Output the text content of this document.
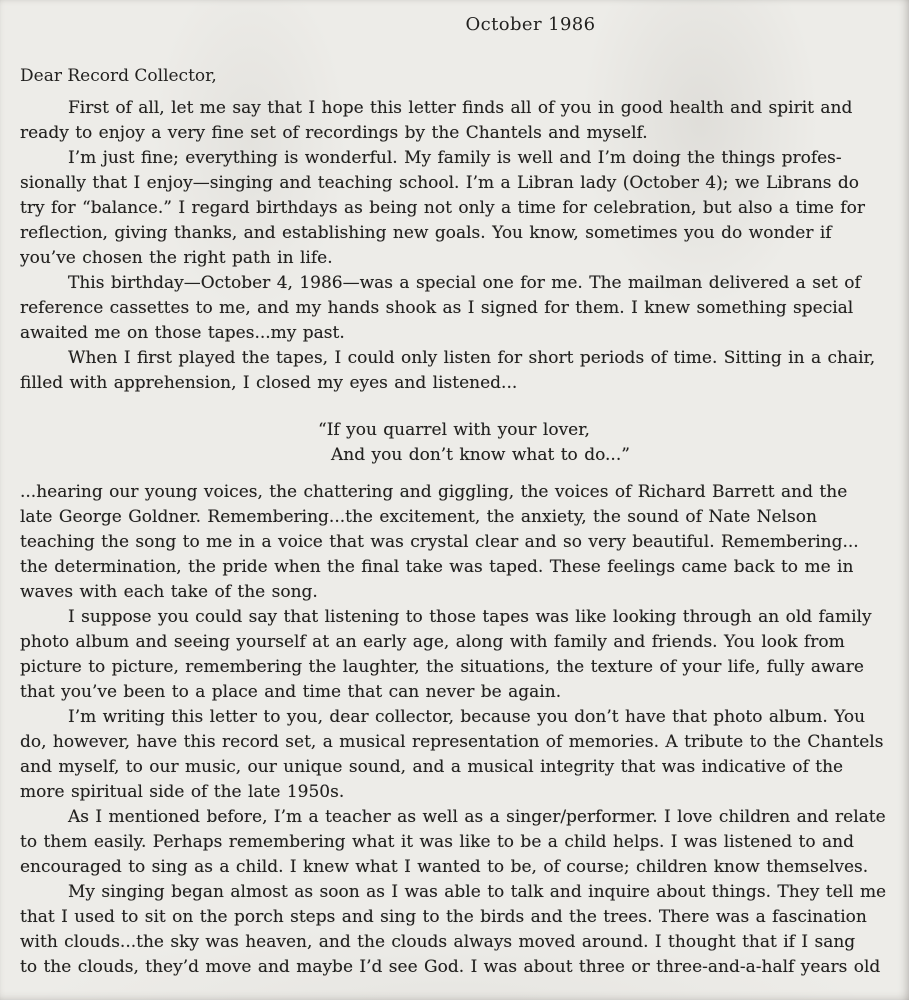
October 1986
Dear Record Collector,
First of all, let me say that I hope this letter finds all of you in good health and spirit and
ready to enjoy a very fine set of recordings by the Chantels and myself.
I’m just fine; everything is wonderful. My family is well and I’m doing the things profes-
sionally that I enjoy—singing and teaching school. I’m a Libran lady (October 4); we Librans do
try for “balance.” I regard birthdays as being not only a time for celebration, but also a time for
reflection, giving thanks, and establishing new goals. You know, sometimes you do wonder if
you’ve chosen the right path in life.
This birthday—October 4, 1986—was a special one for me. The mailman delivered a set of
reference cassettes to me, and my hands shook as I signed for them. I knew something special
awaited me on those tapes...my past.
When I first played the tapes, I could only listen for short periods of time. Sitting in a chair,
filled with apprehension, I closed my eyes and listened...
“If you quarrel with your lover,
And you don’t know what to do...”
...hearing our young voices, the chattering and giggling, the voices of Richard Barrett and the
late George Goldner. Remembering...the excitement, the anxiety, the sound of Nate Nelson
teaching the song to me in a voice that was crystal clear and so very beautiful. Remembering...
the determination, the pride when the final take was taped. These feelings came back to me in
waves with each take of the song.
I suppose you could say that listening to those tapes was like looking through an old family
photo album and seeing yourself at an early age, along with family and friends. You look from
picture to picture, remembering the laughter, the situations, the texture of your life, fully aware
that you’ve been to a place and time that can never be again.
I’m writing this letter to you, dear collector, because you don’t have that photo album. You
do, however, have this record set, a musical representation of memories. A tribute to the Chantels
and myself, to our music, our unique sound, and a musical integrity that was indicative of the
more spiritual side of the late 1950s.
As I mentioned before, I’m a teacher as well as a singer/performer. I love children and relate
to them easily. Perhaps remembering what it was like to be a child helps. I was listened to and
encouraged to sing as a child. I knew what I wanted to be, of course; children know themselves.
My singing began almost as soon as I was able to talk and inquire about things. They tell me
that I used to sit on the porch steps and sing to the birds and the trees. There was a fascination
with clouds...the sky was heaven, and the clouds always moved around. I thought that if I sang
to the clouds, they’d move and maybe I’d see God. I was about three or three-and-a-half years old
